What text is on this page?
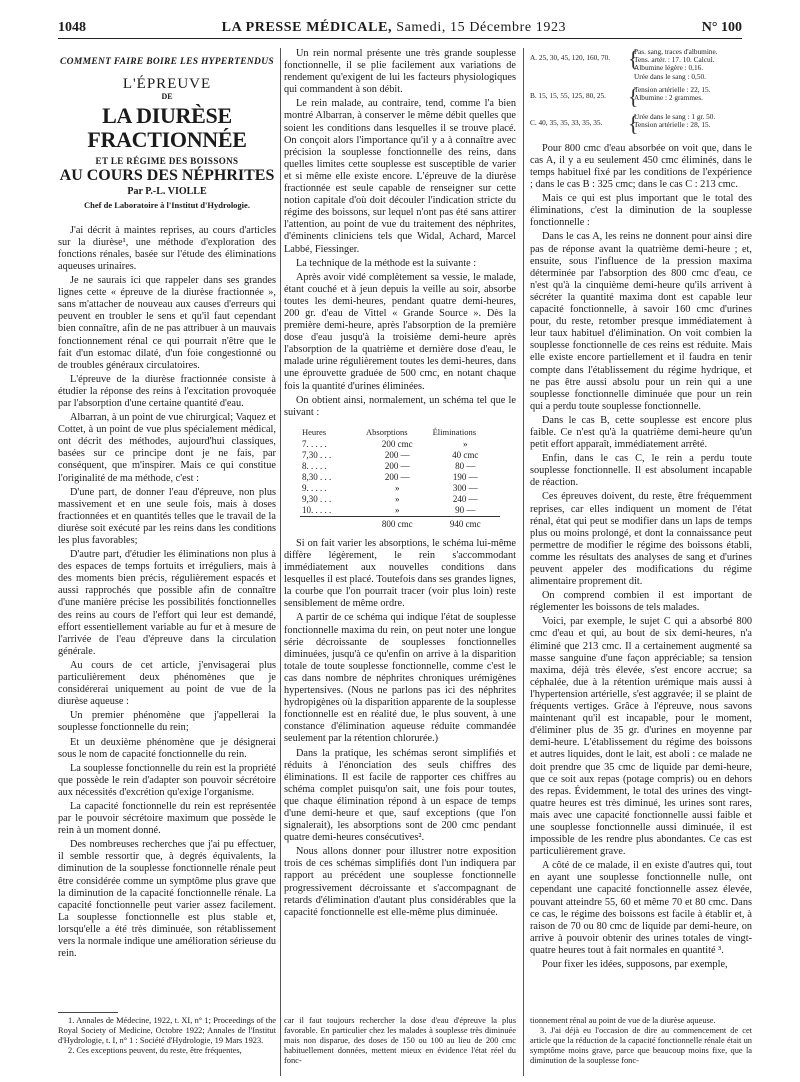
1048	LA PRESSE MÉDICALE, Samedi, 15 Décembre 1923	N° 100
COMMENT FAIRE BOIRE LES HYPERTENDUS
L'ÉPREUVE
DE
LA DIURÈSE FRACTIONNÉE
ET LE RÉGIME DES BOISSONS
AU COURS DES NÉPHRITES
Par P.-L. VIOLLE
Chef de Laboratoire à l'Institut d'Hydrologie.

J'ai décrit à maintes reprises, au cours d'articles sur la diurèse¹, une méthode d'exploration des fonctions rénales, basée sur l'étude des éliminations aqueuses urinaires.

Je ne saurais ici que rappeler dans ses grandes lignes cette « épreuve de la diurèse fractionnée », sans m'attacher de nouveau aux causes d'erreurs qui peuvent en troubler le sens et qu'il faut cependant bien connaître, afin de ne pas attribuer à un mauvais fonctionnement rénal ce qui pourrait n'être que le fait d'un estomac dilaté, d'un foie congestionné ou de troubles généraux circulatoires.

L'épreuve de la diurèse fractionnée consiste à étudier la réponse des reins à l'excitation provoquée par l'absorption d'une certaine quantité d'eau.

Albarran, à un point de vue chirurgical; Vaquez et Cottet, à un point de vue plus spécialement médical, ont décrit des méthodes, aujourd'hui classiques, basées sur ce principe dont je ne fais, par conséquent, que m'inspirer. Mais ce qui constitue l'originalité de ma méthode, c'est :

D'une part, de donner l'eau d'épreuve, non plus massivement et en une seule fois, mais à doses fractionnées et en quantités telles que le travail de la diurèse soit exécuté par les reins dans les conditions les plus favorables;

D'autre part, d'étudier les éliminations non plus à des espaces de temps fortuits et irréguliers, mais à des moments bien précis, régulièrement espacés et aussi rapprochés que possible afin de connaître d'une manière précise les possibilités fonctionnelles des reins au cours de l'effort qui leur est demandé, effort essentiellement variable au fur et à mesure de l'arrivée de l'eau d'épreuve dans la circulation générale.

Au cours de cet article, j'envisagerai plus particulièrement deux phénomènes que je considérerai uniquement au point de vue de la diurèse aqueuse :

Un premier phénomène que j'appellerai la souplesse fonctionnelle du rein;

Et un deuxième phénomène que je désignerai sous le nom de capacité fonctionnelle du rein.

La souplesse fonctionnelle du rein est la propriété que possède le rein d'adapter son pouvoir sécrétoire aux nécessités d'excrétion qu'exige l'organisme.

La capacité fonctionnelle du rein est représentée par le pouvoir sécrétoire maximum que possède le rein à un moment donné.

Des nombreuses recherches que j'ai pu effectuer, il semble ressortir que, à degrés équivalents, la diminution de la souplesse fonctionnelle rénale peut être considérée comme un symptôme plus grave que la diminution de la capacité fonctionnelle rénale. La capacité fonctionnelle peut varier assez facilement. La souplesse fonctionnelle est plus stable et, lorsqu'elle a été très diminuée, son rétablissement vers la normale indique une amélioration sérieuse du rein.

Un rein normal présente une très grande souplesse fonctionnelle, il se plie facilement aux variations de rendement qu'exigent de lui les facteurs physiologiques qui commandent à son débit.

Le rein malade, au contraire, tend, comme l'a bien montré Albarran, à conserver le même débit quelles que soient les conditions dans lesquelles il se trouve placé. On conçoit alors l'importance qu'il y a à connaître avec précision la souplesse fonctionnelle des reins, dans quelles limites cette souplesse est susceptible de varier et si même elle existe encore. L'épreuve de la diurèse fractionnée est seule capable de renseigner sur cette notion capitale d'où doit découler l'indication stricte du régime des boissons, sur lequel n'ont pas été sans attirer l'attention, au point de vue du traitement des néphrites, d'éminents cliniciens tels que Widal, Achard, Marcel Labbé, Fiessinger.

La technique de la méthode est la suivante :

Après avoir vidé complètement sa vessie, le malade, étant couché et à jeun depuis la veille au soir, absorbe toutes les demi-heures, pendant quatre demi-heures, 200 gr. d'eau de Vittel « Grande Source ». Dès la première demi-heure, après l'absorption de la première dose d'eau jusqu'à la troisième demi-heure après l'absorption de la quatrième et dernière dose d'eau, le malade urine régulièrement toutes les demi-heures, dans une éprouvette graduée de 500 cmc, en notant chaque fois la quantité d'urines éliminées.

On obtient ainsi, normalement, un schéma tel que le suivant :

Heures	Absorptions	Éliminations
7. . . . .	200 cmc	»
7,30 . . .	200 —	40 cmc
8. . . . .	200 —	80 —
8,30 . . .	200 —	190 —
9. . . . .	»	300 —
9,30 . . .	»	240 —
10. . . . .	»	90 —
	800 cmc	940 cmc

Si on fait varier les absorptions, le schéma lui-même diffère légèrement, le rein s'accommodant immédiatement aux nouvelles conditions dans lesquelles il est placé. Toutefois dans ses grandes lignes, la courbe que l'on pourrait tracer (voir plus loin) reste sensiblement de même ordre.

A partir de ce schéma qui indique l'état de souplesse fonctionnelle maxima du rein, on peut noter une longue série décroissante de souplesses fonctionnelles diminuées, jusqu'à ce qu'enfin on arrive à la disparition totale de toute souplesse fonctionnelle, comme c'est le cas dans nombre de néphrites chroniques urémigènes hypertensives. (Nous ne parlons pas ici des néphrites hydropigènes où la disparition apparente de la souplesse fonctionnelle est en réalité due, le plus souvent, à une constance d'élimination aqueuse réduite commandée seulement par la rétention chlorurée.)

Dans la pratique, les schémas seront simplifiés et réduits à l'énonciation des seuls chiffres des éliminations. Il est facile de rapporter ces chiffres au schéma complet puisqu'on sait, une fois pour toutes, que chaque élimination répond à un espace de temps d'une demi-heure et que, sauf exceptions (que l'on signalerait), les absorptions sont de 200 cmc pendant quatre demi-heures consécutives².

Nous allons donner pour illustrer notre exposition trois de ces schémas simplifiés dont l'un indiquera par rapport au précédent une souplesse fonctionnelle progressivement décroissante et s'accompagnant de retards d'élimination d'autant plus considérables que la capacité fonctionnelle est elle-même plus diminuée.

A. 25, 30, 45, 120, 160, 70. {
Pas. sang, traces d'albumine.
Tens. artér. : 17. 10. Calcul.
Albumine légère : 0,16.
Urée dans le sang : 0,50.
B. 15, 15, 55, 125, 80, 25. {
Tension artérielle : 22, 15.
Albumine : 2 grammes.
C. 40, 35, 35, 33, 35, 35.	{
Urée dans le sang : 1 gr. 50.
Tension artérielle : 28, 15.

Pour 800 cmc d'eau absorbée on voit que, dans le cas A, il y a eu seulement 450 cmc éliminés, dans le temps habituel fixé par les conditions de l'expérience ; dans le cas B : 325 cmc; dans le cas C : 213 cmc.

Mais ce qui est plus important que le total des éliminations, c'est la diminution de la souplesse fonctionnelle :

Dans le cas A, les reins ne donnent pour ainsi dire pas de réponse avant la quatrième demi-heure ; et, ensuite, sous l'influence de la pression maxima déterminée par l'absorption des 800 cmc d'eau, ce n'est qu'à la cinquième demi-heure qu'ils arrivent à sécréter la quantité maxima dont est capable leur capacité fonctionnelle, à savoir 160 cmc d'urines pour, du reste, retomber presque immédiatement à leur taux habituel d'élimination. On voit combien la souplesse fonctionnelle de ces reins est réduite. Mais elle existe encore partiellement et il faudra en tenir compte dans l'établissement du régime hydrique, et ne pas être aussi absolu pour un rein qui a une souplesse fonctionnelle diminuée que pour un rein qui a perdu toute souplesse fonctionnelle.

Dans le cas B, cette souplesse est encore plus faible. Ce n'est qu'à la quatrième demi-heure qu'un petit effort apparaît, immédiatement arrêté.

Enfin, dans le cas C, le rein a perdu toute souplesse fonctionnelle. Il est absolument incapable de réaction.

Ces épreuves doivent, du reste, être fréquemment reprises, car elles indiquent un moment de l'état rénal, état qui peut se modifier dans un laps de temps plus ou moins prolongé, et dont la connaissance peut permettre de modifier le régime des boissons établi, comme les résultats des analyses de sang et d'urines peuvent appeler des modifications du régime alimentaire proprement dit.

On comprend combien il est important de réglementer les boissons de tels malades.

Voici, par exemple, le sujet C qui a absorbé 800 cmc d'eau et qui, au bout de six demi-heures, n'a éliminé que 213 cmc. Il a certainement augmenté sa masse sanguine d'une façon appréciable; sa tension maxima, déjà très élevée, s'est encore accrue; sa céphalée, due à la rétention urémique mais aussi à l'hypertension artérielle, s'est aggravée; il se plaint de fréquents vertiges. Grâce à l'épreuve, nous savons maintenant qu'il est incapable, pour le moment, d'éliminer plus de 35 gr. d'urines en moyenne par demi-heure. L'établissement du régime des boissons et autres liquides, dont le lait, est aboli : ce malade ne doit prendre que 35 cmc de liquide par demi-heure, que ce soit aux repas (potage compris) ou en dehors des repas. Évidemment, le total des urines des vingt-quatre heures est très diminué, les urines sont rares, mais avec une capacité fonctionnelle aussi faible et une souplesse fonctionnelle aussi diminuée, il est impossible de les rendre plus abondantes. Ce cas est particulièrement grave.

A côté de ce malade, il en existe d'autres qui, tout en ayant une souplesse fonctionnelle nulle, ont cependant une capacité fonctionnelle assez élevée, pouvant atteindre 55, 60 et même 70 et 80 cmc. Dans ce cas, le régime des boissons est facile à établir et, à raison de 70 ou 80 cmc de liquide par demi-heure, on arrive à pouvoir obtenir des urines totales de vingt-quatre heures tout à fait normales en quantité ³.

Pour fixer les idées, supposons, par exemple,

1. Annales de Médecine, 1922, t. XI, n° 1; Proceedings of the Royal Society of Medicine, Octobre 1922; Annales de l'Institut d'Hydrologie, t. I, n° 1 : Société d'Hydrologie, 19 Mars 1923.

2. Ces exceptions peuvent, du reste, être fréquentes,

car il faut toujours rechercher la dose d'eau d'épreuve la plus favorable. En particulier chez les malades à souplesse très diminuée mais non disparue, des doses de 150 ou 100 au lieu de 200 cmc habituellement données, mettent mieux en évidence l'état réel du fonc-

tionnement rénal au point de vue de la diurèse aqueuse.

3. J'ai déjà eu l'occasion de dire au commencement de cet article que la réduction de la capacité fonctionnelle rénale était un symptôme moins grave, parce que beaucoup moins fixe, que la diminution de la souplesse fonc-
